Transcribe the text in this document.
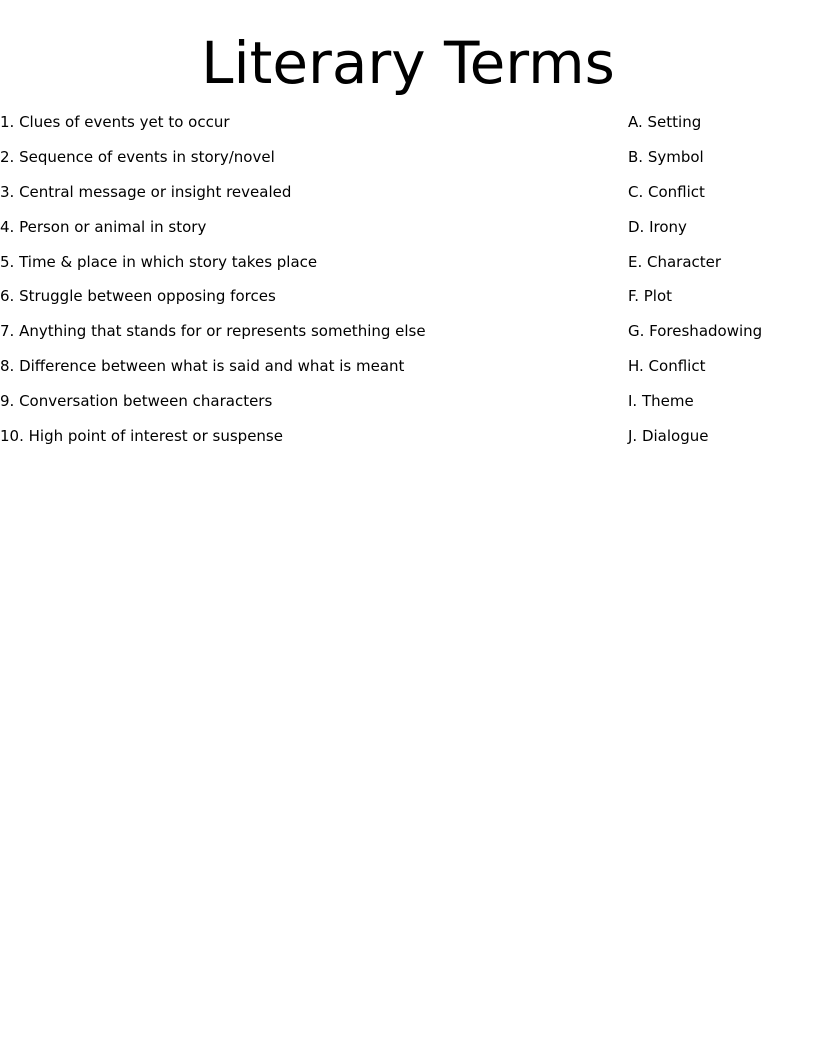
Literary Terms
1. Clues of events yet to occur
2. Sequence of events in story/novel
3. Central message or insight revealed
4. Person or animal in story
5. Time & place in which story takes place
6. Struggle between opposing forces
7. Anything that stands for or represents something else
8. Difference between what is said and what is meant
9. Conversation between characters
10. High point of interest or suspense
A. Setting
B. Symbol
C. Conflict
D. Irony
E. Character
F. Plot
G. Foreshadowing
H. Conflict
I. Theme
J. Dialogue
